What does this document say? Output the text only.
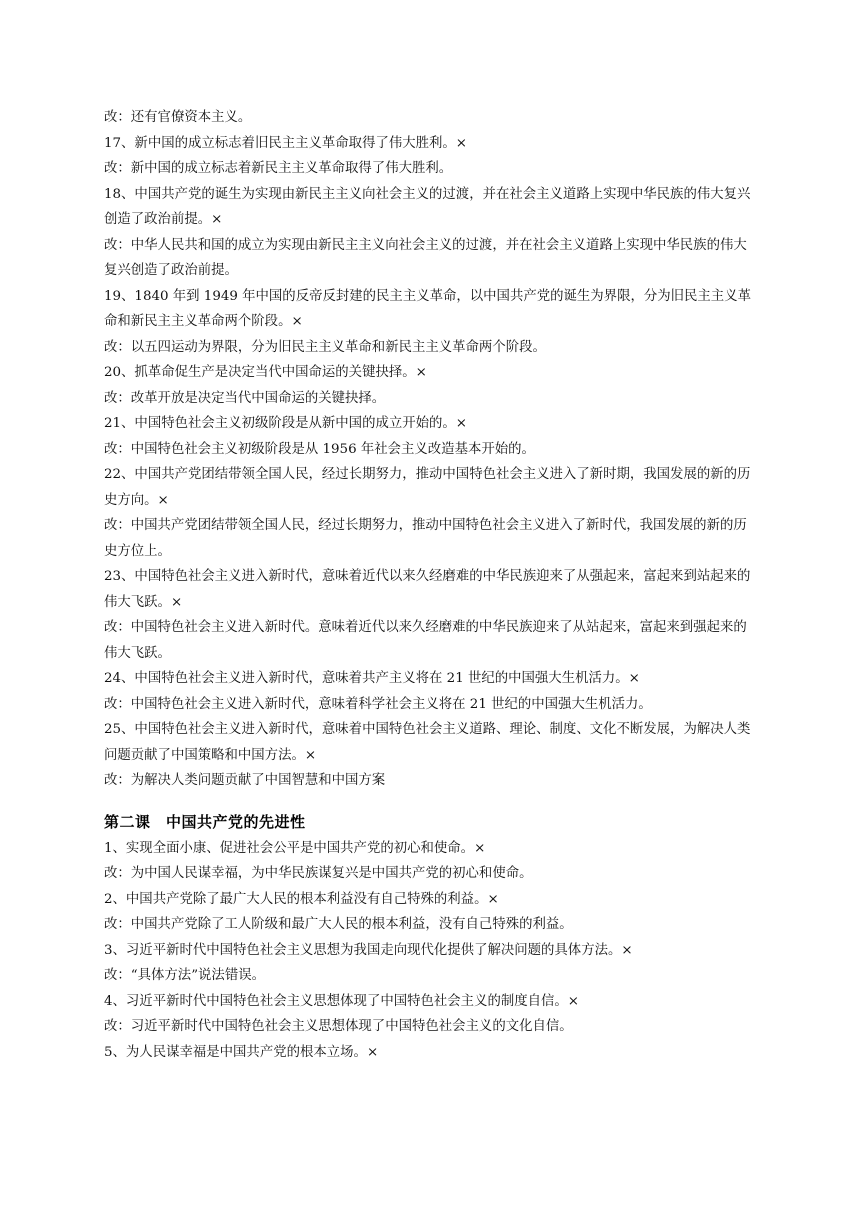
改：还有官僚资本主义。

17、新中国的成立标志着旧民主主义革命取得了伟大胜利。×

改：新中国的成立标志着新民主主义革命取得了伟大胜利。

18、中国共产党的诞生为实现由新民主主义向社会主义的过渡，并在社会主义道路上实现中华民族的伟大复兴创造了政治前提。×

改：中华人民共和国的成立为实现由新民主主义向社会主义的过渡，并在社会主义道路上实现中华民族的伟大复兴创造了政治前提。

19、1840 年到 1949 年中国的反帝反封建的民主主义革命，以中国共产党的诞生为界限，分为旧民主主义革命和新民主主义革命两个阶段。×

改：以五四运动为界限，分为旧民主主义革命和新民主主义革命两个阶段。

20、抓革命促生产是决定当代中国命运的关键抉择。×

改：改革开放是决定当代中国命运的关键抉择。

21、中国特色社会主义初级阶段是从新中国的成立开始的。×

改：中国特色社会主义初级阶段是从 1956 年社会主义改造基本开始的。

22、中国共产党团结带领全国人民，经过长期努力，推动中国特色社会主义进入了新时期，我国发展的新的历史方向。×

改：中国共产党团结带领全国人民，经过长期努力，推动中国特色社会主义进入了新时代，我国发展的新的历史方位上。

23、中国特色社会主义进入新时代，意味着近代以来久经磨难的中华民族迎来了从强起来，富起来到站起来的伟大飞跃。×

改：中国特色社会主义进入新时代。意味着近代以来久经磨难的中华民族迎来了从站起来，富起来到强起来的伟大飞跃。

24、中国特色社会主义进入新时代，意味着共产主义将在 21 世纪的中国强大生机活力。×

改：中国特色社会主义进入新时代，意味着科学社会主义将在 21 世纪的中国强大生机活力。

25、中国特色社会主义进入新时代，意味着中国特色社会主义道路、理论、制度、文化不断发展，为解决人类问题贡献了中国策略和中国方法。×

改：为解决人类问题贡献了中国智慧和中国方案

第二课　中国共产党的先进性

1、实现全面小康、促进社会公平是中国共产党的初心和使命。×

改：为中国人民谋幸福，为中华民族谋复兴是中国共产党的初心和使命。

2、中国共产党除了最广大人民的根本利益没有自己特殊的利益。×

改：中国共产党除了工人阶级和最广大人民的根本利益，没有自己特殊的利益。

3、习近平新时代中国特色社会主义思想为我国走向现代化提供了解决问题的具体方法。×

改：“具体方法”说法错误。

4、习近平新时代中国特色社会主义思想体现了中国特色社会主义的制度自信。×

改：习近平新时代中国特色社会主义思想体现了中国特色社会主义的文化自信。

5、为人民谋幸福是中国共产党的根本立场。×
